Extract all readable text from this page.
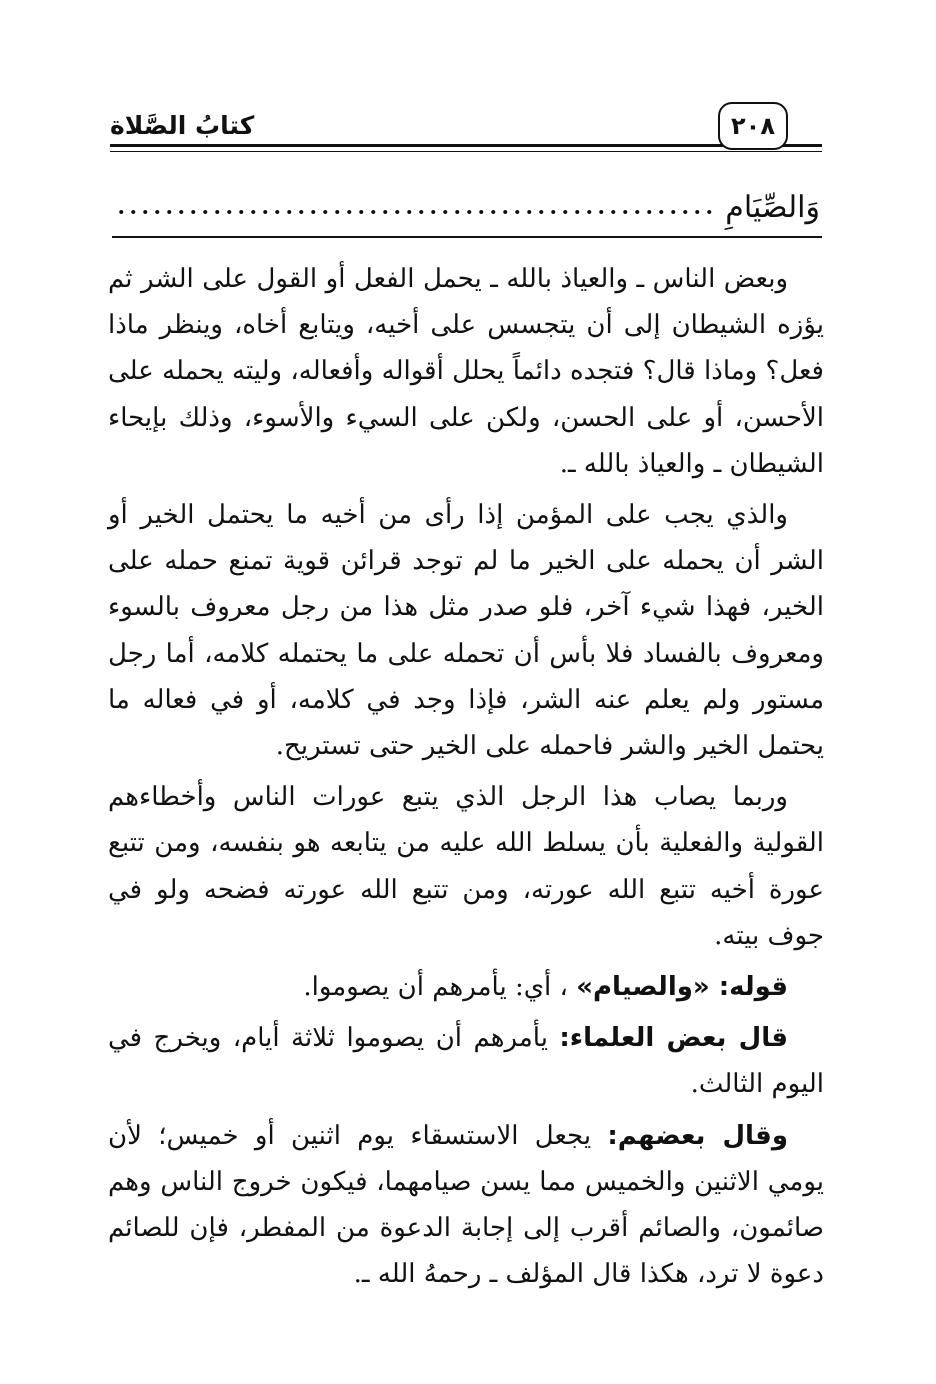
كتابُ الصَّلاة	٢٠٨
وَالصِّيَامِ

وبعض الناس ـ والعياذ بالله ـ يحمل الفعل أو القول على الشر ثم يؤزه الشيطان إلى أن يتجسس على أخيه، ويتابع أخاه، وينظر ماذا فعل؟ وماذا قال؟ فتجده دائماً يحلل أقواله وأفعاله، وليته يحمله على الأحسن، أو على الحسن، ولكن على السيء والأسوء، وذلك بإيحاء الشيطان ـ والعياذ بالله ـ.

والذي يجب على المؤمن إذا رأى من أخيه ما يحتمل الخير أو الشر أن يحمله على الخير ما لم توجد قرائن قوية تمنع حمله على الخير، فهذا شيء آخر، فلو صدر مثل هذا من رجل معروف بالسوء ومعروف بالفساد فلا بأس أن تحمله على ما يحتمله كلامه، أما رجل مستور ولم يعلم عنه الشر، فإذا وجد في كلامه، أو في فعاله ما يحتمل الخير والشر فاحمله على الخير حتى تستريح.

وربما يصاب هذا الرجل الذي يتبع عورات الناس وأخطاءهم القولية والفعلية بأن يسلط الله عليه من يتابعه هو بنفسه، ومن تتبع عورة أخيه تتبع الله عورته، ومن تتبع الله عورته فضحه ولو في جوف بيته.

قوله: «والصيام» ، أي: يأمرهم أن يصوموا.

قال بعض العلماء: يأمرهم أن يصوموا ثلاثة أيام، ويخرج في اليوم الثالث.

وقال بعضهم: يجعل الاستسقاء يوم اثنين أو خميس؛ لأن يومي الاثنين والخميس مما يسن صيامهما، فيكون خروج الناس وهم صائمون، والصائم أقرب إلى إجابة الدعوة من المفطر، فإن للصائم دعوة لا ترد، هكذا قال المؤلف ـ رحمهُ الله ـ.
